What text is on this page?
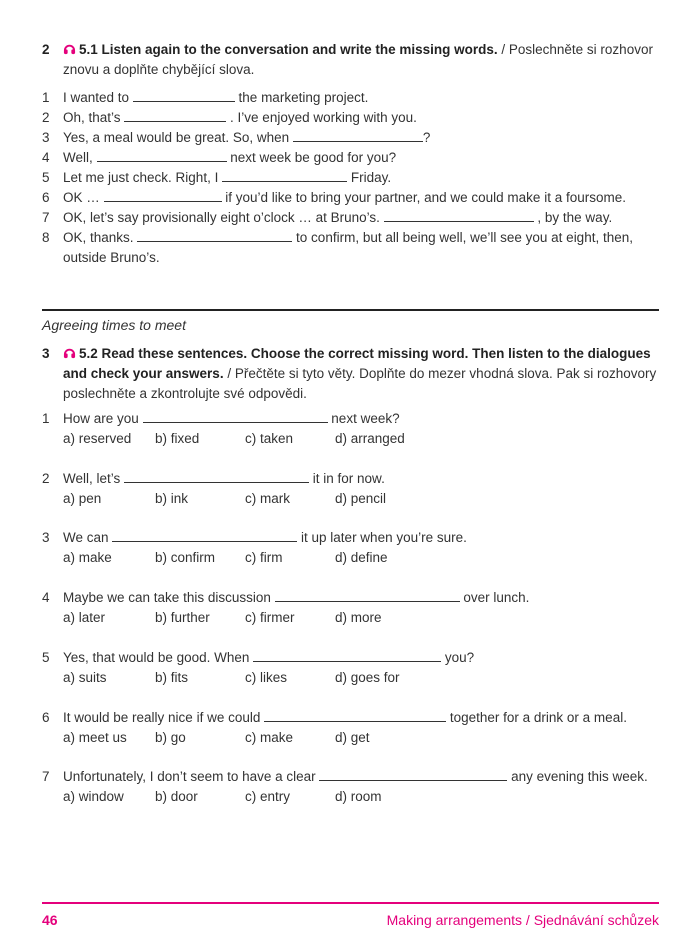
2	5.1 Listen again to the conversation and write the missing words. / Poslechněte si rozhovor znovu a doplňte chybějící slova.
1 I wanted to	the marketing project.
2 Oh, that’s	. I’ve enjoyed working with you.
3 Yes, a meal would be great. So, when	?
4 Well,	next week be good for you?
5 Let me just check. Right, I	Friday.
6 OK …	if you’d like to bring your partner, and we could make it a foursome.
7 OK, let’s say provisionally eight o’clock … at Bruno’s.	, by the way.
8 OK, thanks.	to confirm, but all being well, we’ll see you at eight, then, outside Bruno’s.
Agreeing times to meet
3	5.2 Read these sentences. Choose the correct missing word. Then listen to the dialogues and check your answers. / Přečtěte si tyto věty. Doplňte do mezer vhodná slova. Pak si rozhovory poslechněte a zkontrolujte své odpovědi.
1 How are you	next week?
a) reserved	b) fixed	c) taken	d) arranged
2 Well, let’s	it in for now.
a) pen	b) ink	c) mark	d) pencil
3 We can	it up later when you’re sure.
a) make	b) confirm	c) firm	d) define
4 Maybe we can take this discussion	over lunch.
a) later	b) further	c) firmer	d) more
5 Yes, that would be good. When	you?
a) suits	b) fits	c) likes	d) goes for
6 It would be really nice if we could	together for a drink or a meal.
a) meet us	b) go	c) make	d) get
7 Unfortunately, I don’t seem to have a clear	any evening this week.
a) window	b) door	c) entry	d) room
46	Making arrangements / Sjednávání schůzek
